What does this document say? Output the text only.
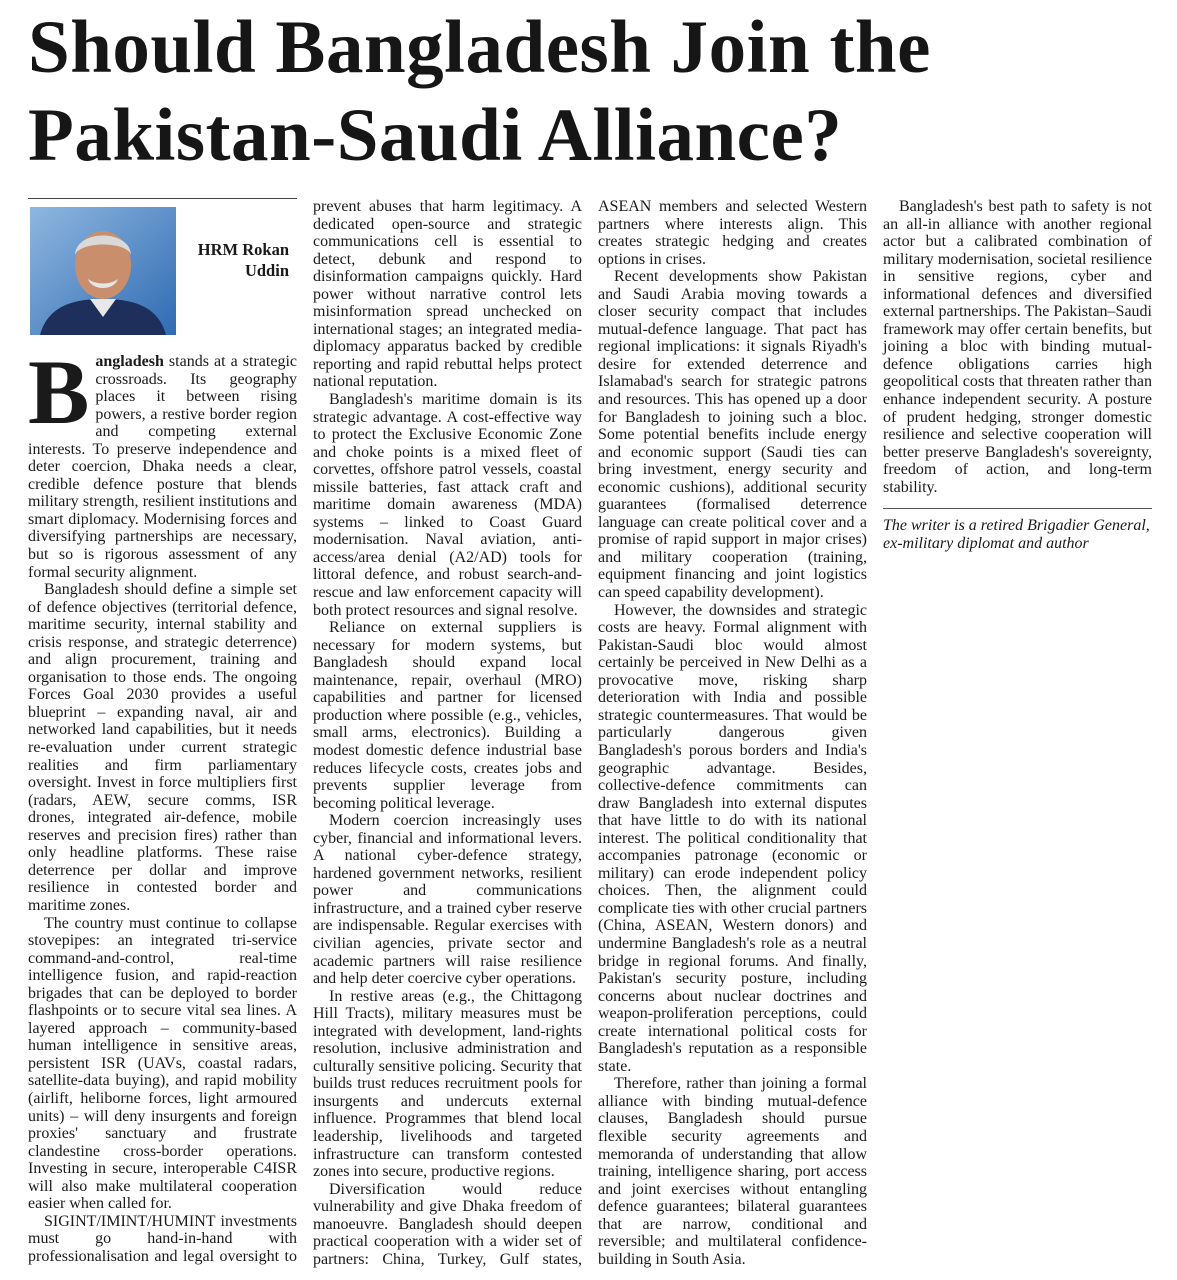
Should Bangladesh Join the Pakistan-Saudi Alliance?
HRM Rokan Uddin

Bangladesh stands at a strategic crossroads. Its geography places it between rising powers, a restive border region and competing external interests. To preserve independence and deter coercion, Dhaka needs a clear, credible defence posture that blends military strength, resilient institutions and smart diplomacy. Modernising forces and diversifying partnerships are necessary, but so is rigorous assessment of any formal security alignment.

Bangladesh should define a simple set of defence objectives (territorial defence, maritime security, internal stability and crisis response, and strategic deterrence) and align procurement, training and organisation to those ends. The ongoing Forces Goal 2030 provides a useful blueprint – expanding naval, air and networked land capabilities, but it needs re-evaluation under current strategic realities and firm parliamentary oversight. Invest in force multipliers first (radars, AEW, secure comms, ISR drones, integrated air-defence, mobile reserves and precision fires) rather than only headline platforms. These raise deterrence per dollar and improve resilience in contested border and maritime zones.

The country must continue to collapse stovepipes: an integrated tri-service command-and-control, real-time intelligence fusion, and rapid-reaction brigades that can be deployed to border flashpoints or to secure vital sea lines. A layered approach – community-based human intelligence in sensitive areas, persistent ISR (UAVs, coastal radars, satellite-data buying), and rapid mobility (airlift, heliborne forces, light armoured units) – will deny insurgents and foreign proxies' sanctuary and frustrate clandestine cross-border operations. Investing in secure, interoperable C4ISR will also make multilateral cooperation easier when called for.

SIGINT/IMINT/HUMINT investments must go hand-in-hand with professionalisation and legal oversight to prevent abuses that harm legitimacy. A dedicated open-source and strategic communications cell is essential to detect, debunk and respond to disinformation campaigns quickly. Hard power without narrative control lets misinformation spread unchecked on international stages; an integrated media-diplomacy apparatus backed by credible reporting and rapid rebuttal helps protect national reputation.

Bangladesh's maritime domain is its strategic advantage. A cost-effective way to protect the Exclusive Economic Zone and choke points is a mixed fleet of corvettes, offshore patrol vessels, coastal missile batteries, fast attack craft and maritime domain awareness (MDA) systems – linked to Coast Guard modernisation. Naval aviation, anti-access/area denial (A2/AD) tools for littoral defence, and robust search-and-rescue and law enforcement capacity will both protect resources and signal resolve.

Reliance on external suppliers is necessary for modern systems, but Bangladesh should expand local maintenance, repair, overhaul (MRO) capabilities and partner for licensed production where possible (e.g., vehicles, small arms, electronics). Building a modest domestic defence industrial base reduces lifecycle costs, creates jobs and prevents supplier leverage from becoming political leverage.

Modern coercion increasingly uses cyber, financial and informational levers. A national cyber-defence strategy, hardened government networks, resilient power and communications infrastructure, and a trained cyber reserve are indispensable. Regular exercises with civilian agencies, private sector and academic partners will raise resilience and help deter coercive cyber operations.

In restive areas (e.g., the Chittagong Hill Tracts), military measures must be integrated with development, land-rights resolution, inclusive administration and culturally sensitive policing. Security that builds trust reduces recruitment pools for insurgents and undercuts external influence. Programmes that blend local leadership, livelihoods and targeted infrastructure can transform contested zones into secure, productive regions.

Diversification would reduce vulnerability and give Dhaka freedom of manoeuvre. Bangladesh should deepen practical cooperation with a wider set of partners: China, Turkey, Gulf states, ASEAN members and selected Western partners where interests align. This creates strategic hedging and creates options in crises.

Recent developments show Pakistan and Saudi Arabia moving towards a closer security compact that includes mutual-defence language. That pact has regional implications: it signals Riyadh's desire for extended deterrence and Islamabad's search for strategic patrons and resources. This has opened up a door for Bangladesh to joining such a bloc. Some potential benefits include energy and economic support (Saudi ties can bring investment, energy security and economic cushions), additional security guarantees (formalised deterrence language can create political cover and a promise of rapid support in major crises) and military cooperation (training, equipment financing and joint logistics can speed capability development).

However, the downsides and strategic costs are heavy. Formal alignment with Pakistan-Saudi bloc would almost certainly be perceived in New Delhi as a provocative move, risking sharp deterioration with India and possible strategic countermeasures. That would be particularly dangerous given Bangladesh's porous borders and India's geographic advantage. Besides, collective-defence commitments can draw Bangladesh into external disputes that have little to do with its national interest. The political conditionality that accompanies patronage (economic or military) can erode independent policy choices. Then, the alignment could complicate ties with other crucial partners (China, ASEAN, Western donors) and undermine Bangladesh's role as a neutral bridge in regional forums. And finally, Pakistan's security posture, including concerns about nuclear doctrines and weapon-proliferation perceptions, could create international political costs for Bangladesh's reputation as a responsible state.

Therefore, rather than joining a formal alliance with binding mutual-defence clauses, Bangladesh should pursue flexible security agreements and memoranda of understanding that allow training, intelligence sharing, port access and joint exercises without entangling defence guarantees; bilateral guarantees that are narrow, conditional and reversible; and multilateral confidence-building in South Asia.

Bangladesh's best path to safety is not an all-in alliance with another regional actor but a calibrated combination of military modernisation, societal resilience in sensitive regions, cyber and informational defences and diversified external partnerships. The Pakistan–Saudi framework may offer certain benefits, but joining a bloc with binding mutual-defence obligations carries high geopolitical costs that threaten rather than enhance independent security. A posture of prudent hedging, stronger domestic resilience and selective cooperation will better preserve Bangladesh's sovereignty, freedom of action, and long-term stability.

The writer is a retired Brigadier General, ex-military diplomat and author
